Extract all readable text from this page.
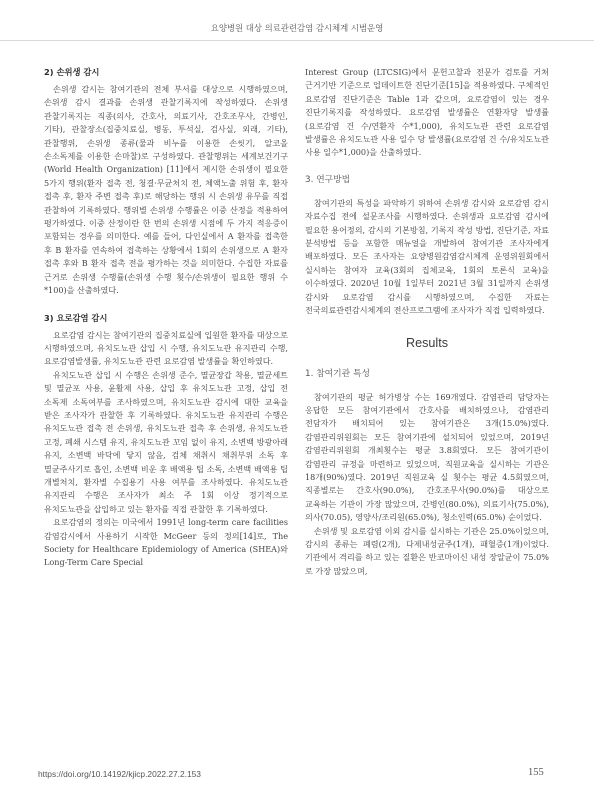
요양병원 대상 의료관련감염 감시체계 시범운영
2) 손위생 감시

손위생 감시는 참여기관의 전체 부서를 대상으로 시행하였으며, 손위생 감시 결과를 손위생 관찰기록지에 작성하였다. 손위생 관찰기록지는 직종(의사, 간호사, 의료기사, 간호조무사, 간병인, 기타), 관찰장소(집중치료실, 병동, 투석실, 검사실, 외래, 기타), 관찰행위, 손위생 종류(물과 비누를 이용한 손씻기, 알코올 손소독제를 이용한 손마찰)로 구성하였다. 관찰행위는 세계보건기구(World Health Organization) [11]에서 제시한 손위생이 필요한 5가지 행위(환자 접촉 전, 청결·무균처치 전, 체액노출 위험 후, 환자 접촉 후, 환자 주변 접촉 후)로 해당하는 행위 시 손위생 유무를 직접 관찰하여 기록하였다. 행위별 손위생 수행률은 이중 산정을 적용하여 평가하였다. 이중 산정이란 한 번의 손위생 시점에 두 가지 적응증이 포함되는 경우를 의미한다. 예를 들어, 다인실에서 A 환자를 접촉한 후 B 환자를 연속하여 접촉하는 상황에서 1회의 손위생으로 A 환자 접촉 후와 B 환자 접촉 전을 평가하는 것을 의미한다. 수집한 자료를 근거로 손위생 수행률(손위생 수행 횟수/손위생이 필요한 행위 수*100)을 산출하였다.

3) 요로감염 감시

요로감염 감시는 참여기관의 집중치료실에 입원한 환자를 대상으로 시행하였으며, 유치도뇨관 삽입 시 수행, 유치도뇨관 유지관리 수행, 요로감염발생률, 유치도뇨관 관련 요로감염 발생률을 확인하였다.

유치도뇨관 삽입 시 수행은 손위생 준수, 멸균장갑 착용, 멸균세트 및 멸균포 사용, 윤활제 사용, 삽입 후 유치도뇨관 고정, 삽입 전 소독제 소독여부를 조사하였으며, 유치도뇨관 감시에 대한 교육을 받은 조사자가 관찰한 후 기록하였다. 유치도뇨관 유지관리 수행은 유치도뇨관 접촉 전 손위생, 유치도뇨관 접촉 후 손위생, 유치도뇨관 고정, 폐쇄 시스템 유지, 유치도뇨관 꼬임 없이 유지, 소변백 방광아래 유지, 소변백 바닥에 닿지 않음, 검체 채취시 채취부위 소독 후 멸균주사기로 흡인, 소변백 비운 후 배액용 팁 소독, 소변백 배액용 팁 개별처치, 환자별 수집용기 사용 여부를 조사하였다. 유치도뇨관 유지관리 수행은 조사자가 최소 주 1회 이상 정기적으로 유치도뇨관을 삽입하고 있는 환자를 직접 관찰한 후 기록하였다.

요로감염의 정의는 미국에서 1991년 long-term care facilities 감염감시에서 사용하기 시작한 McGeer 등의 정의[14]로, The Society for Healthcare Epidemiology of America (SHEA)와 Long-Term Care Special

Interest Group (LTCSIG)에서 문헌고찰과 전문가 검토를 거쳐 근거기반 기준으로 업데이트한 진단기준[15]을 적용하였다. 구체적인 요로감염 진단기준은 Table 1과 같으며, 요로감염이 있는 경우 진단기록지를 작성하였다. 요로감염 발생률은 연환자당 발생률(요로감염 건 수/연환자 수*1,000), 유치도뇨관 관련 요로감염 발생률은 유치도뇨관 사용 일수 당 발생률(요로감염 건 수/유치도뇨관 사용 일수*1,000)을 산출하였다.

3. 연구방법

참여기관의 특성을 파악하기 위하여 손위생 감시와 요로감염 감시 자료수집 전에 설문조사를 시행하였다. 손위생과 요로감염 감시에 필요한 용어정의, 감시의 기본방침, 기록지 작성 방법, 진단기준, 자료 분석방법 등을 포함한 매뉴얼을 개발하여 참여기관 조사자에게 배포하였다. 모든 조사자는 요양병원감염감시체계 운영위원회에서 실시하는 참여자 교육(3회의 집체교육, 1회의 토론식 교육)을 이수하였다. 2020년 10월 1일부터 2021년 3월 31일까지 손위생 감시와 요로감염 감시를 시행하였으며, 수집한 자료는 전국의료관련감시체계의 전산프로그램에 조사자가 직접 입력하였다.

Results
1. 참여기관 특성

참여기관의 평균 허가병상 수는 169개였다. 감염관리 담당자는 응답한 모든 참여기관에서 간호사를 배치하였으나, 감염관리 전담자가 배치되어 있는 참여기관은 3개(15.0%)였다. 감염관리위원회는 모든 참여기관에 설치되어 있었으며, 2019년 감염관리위원회 개최횟수는 평균 3.8회였다. 모든 참여기관이 감염관리 규정을 마련하고 있었으며, 직원교육을 실시하는 기관은 18개(90%)였다. 2019년 직원교육 실 횟수는 평균 4.5회였으며, 직종별로는 간호사(90.0%), 간호조무사(90.0%)를 대상으로 교육하는 기관이 가장 많았으며, 간병인(80.0%), 의료기사(75.0%), 의사(70.05), 영양사/조리원(65.0%), 청소인력(65.0%) 순이었다.

손위생 및 요로감염 이외 감시를 실시하는 기관은 25.0%이었으며, 감시의 종류는 폐렴(2개), 다제내성균주(1개), 패혈증(1개)이었다. 기관에서 격리를 하고 있는 질환은 반코마이신 내성 장알균이 75.0%로 가장 많았으며,

https://doi.org/10.14192/kjicp.2022.27.2.153	155
